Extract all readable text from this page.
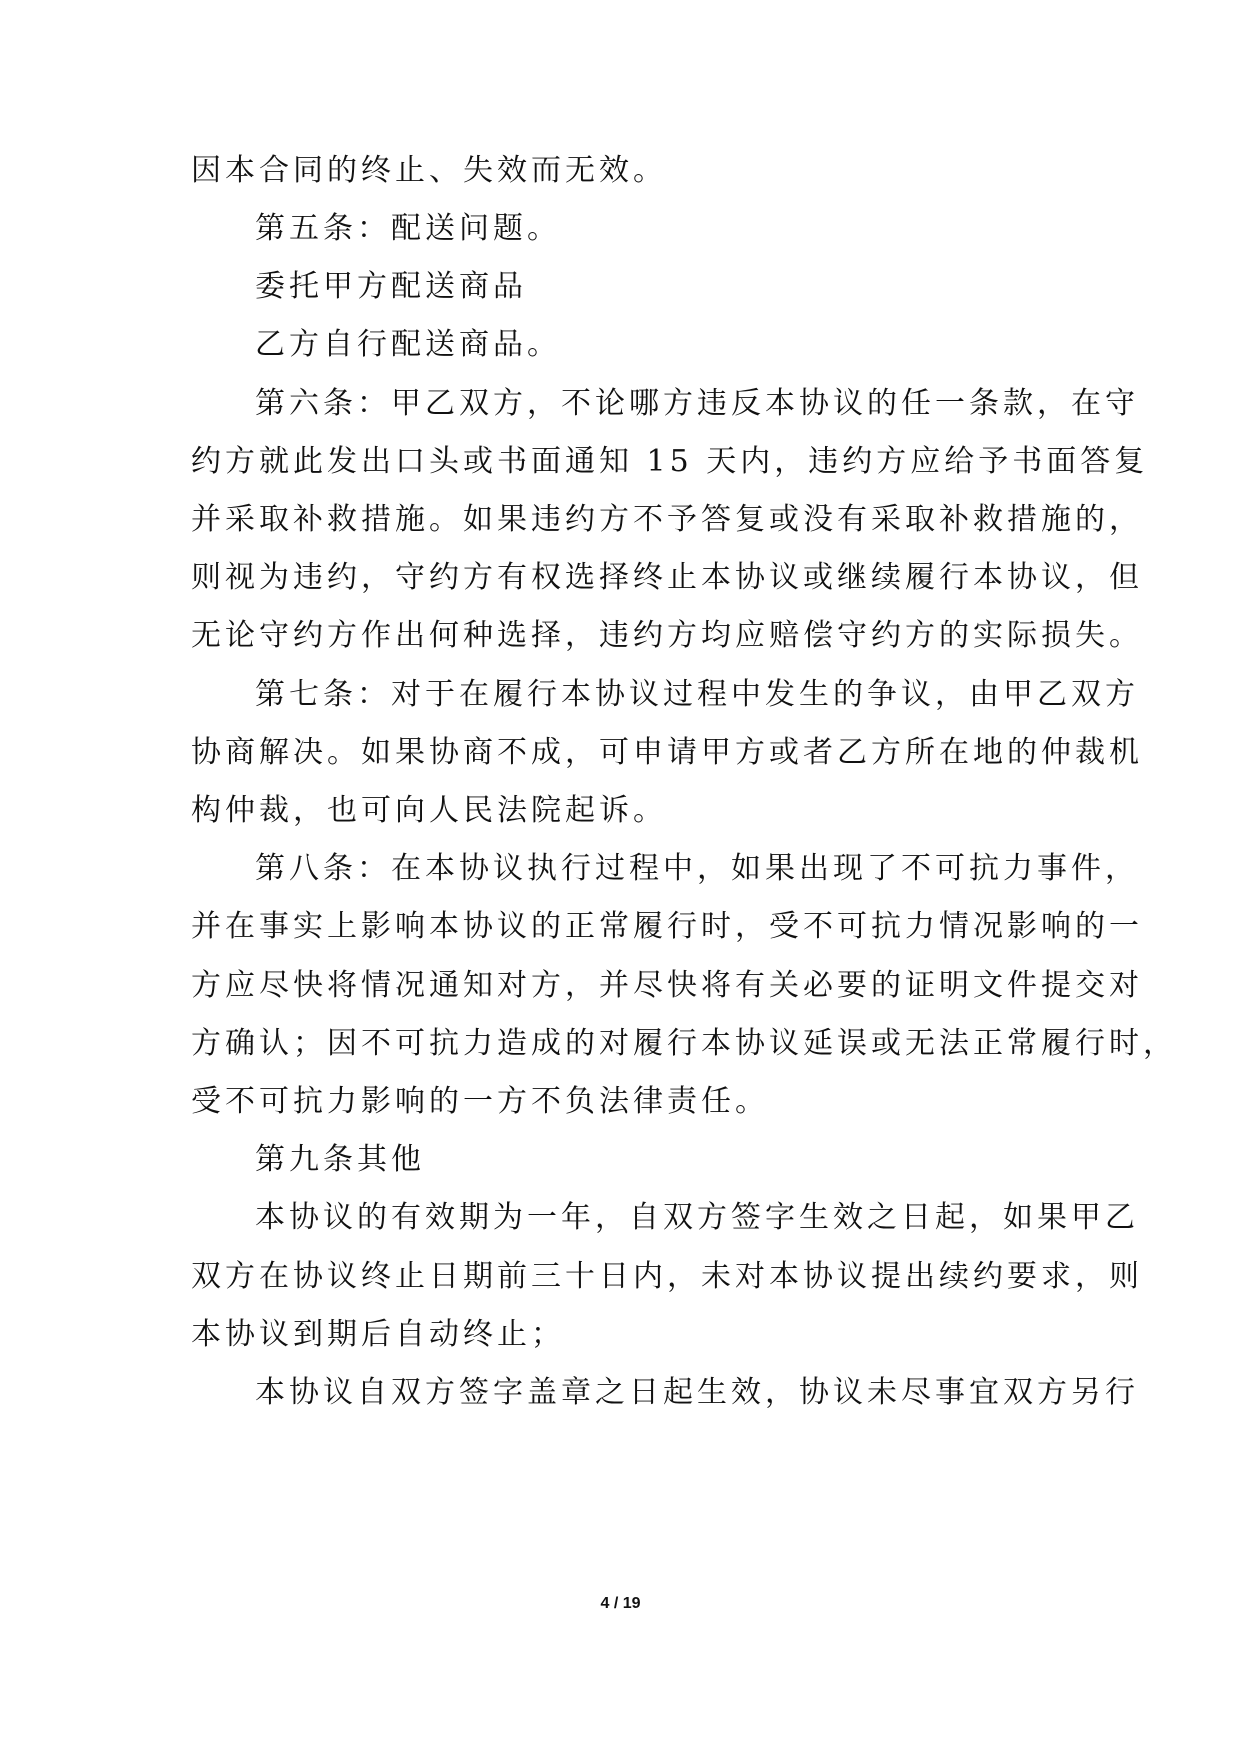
因本合同的终止、失效而无效。
第五条：配送问题。
委托甲方配送商品
乙方自行配送商品。
第六条：甲乙双方，不论哪方违反本协议的任一条款，在守
约方就此发出口头或书面通知 15 天内，违约方应给予书面答复
并采取补救措施。如果违约方不予答复或没有采取补救措施的，
则视为违约，守约方有权选择终止本协议或继续履行本协议，但
无论守约方作出何种选择，违约方均应赔偿守约方的实际损失。
第七条：对于在履行本协议过程中发生的争议，由甲乙双方
协商解决。如果协商不成，可申请甲方或者乙方所在地的仲裁机
构仲裁，也可向人民法院起诉。
第八条：在本协议执行过程中，如果出现了不可抗力事件，
并在事实上影响本协议的正常履行时，受不可抗力情况影响的一
方应尽快将情况通知对方，并尽快将有关必要的证明文件提交对
方确认；因不可抗力造成的对履行本协议延误或无法正常履行时，
受不可抗力影响的一方不负法律责任。
第九条其他
本协议的有效期为一年，自双方签字生效之日起，如果甲乙
双方在协议终止日期前三十日内，未对本协议提出续约要求，则
本协议到期后自动终止；
本协议自双方签字盖章之日起生效，协议未尽事宜双方另行
4 / 19
